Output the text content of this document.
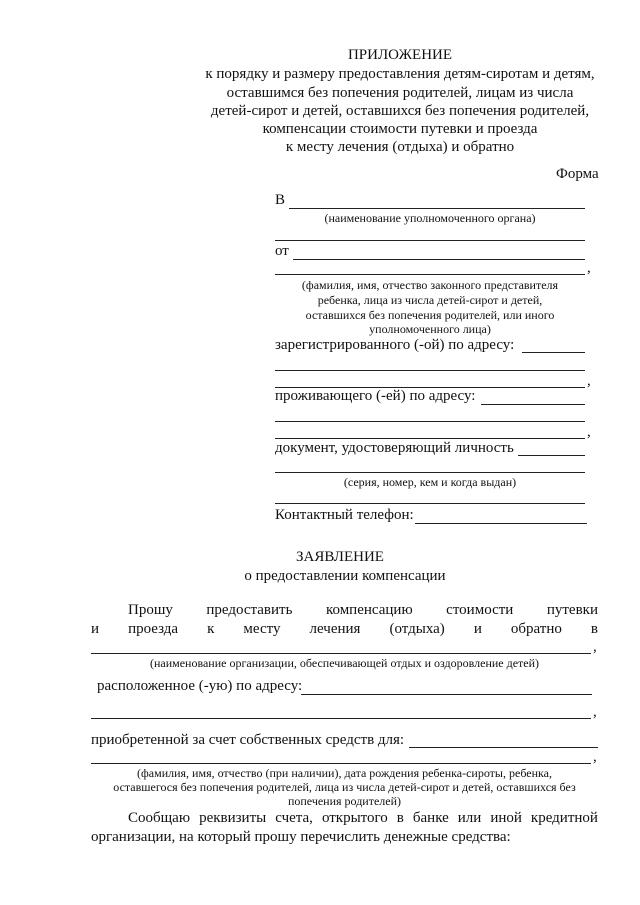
ПРИЛОЖЕНИЕ
к порядку и размеру предоставления детям-сиротам и детям,
оставшимся без попечения родителей, лицам из числа
детей-сирот и детей, оставшихся без попечения родителей,
компенсации стоимости путевки и проезда
к месту лечения (отдыха) и обратно
Форма
В
(наименование уполномоченного органа)
от
,
(фамилия, имя, отчество законного представителя
ребенка, лица из числа детей-сирот и детей,
оставшихся без попечения родителей, или иного
уполномоченного лица)
зарегистрированного (-ой) по адресу:
,
проживающего (-ей) по адресу:
,
документ, удостоверяющий личность
(серия, номер, кем и когда выдан)
Контактный телефон:
ЗАЯВЛЕНИЕ
о предоставлении компенсации
Прошу предоставить компенсацию стоимости путевки
и проезда к месту лечения (отдыха) и обратно в
,
(наименование организации, обеспечивающей отдых и оздоровление детей)
расположенное (-ую) по адресу:
,
приобретенной за счет собственных средств для:
,
(фамилия, имя, отчество (при наличии), дата рождения ребенка-сироты, ребенка,
оставшегося без попечения родителей, лица из числа детей-сирот и детей, оставшихся без
попечения родителей)
Сообщаю реквизиты счета, открытого в банке или иной кредитной
организации, на который прошу перечислить денежные средства:
